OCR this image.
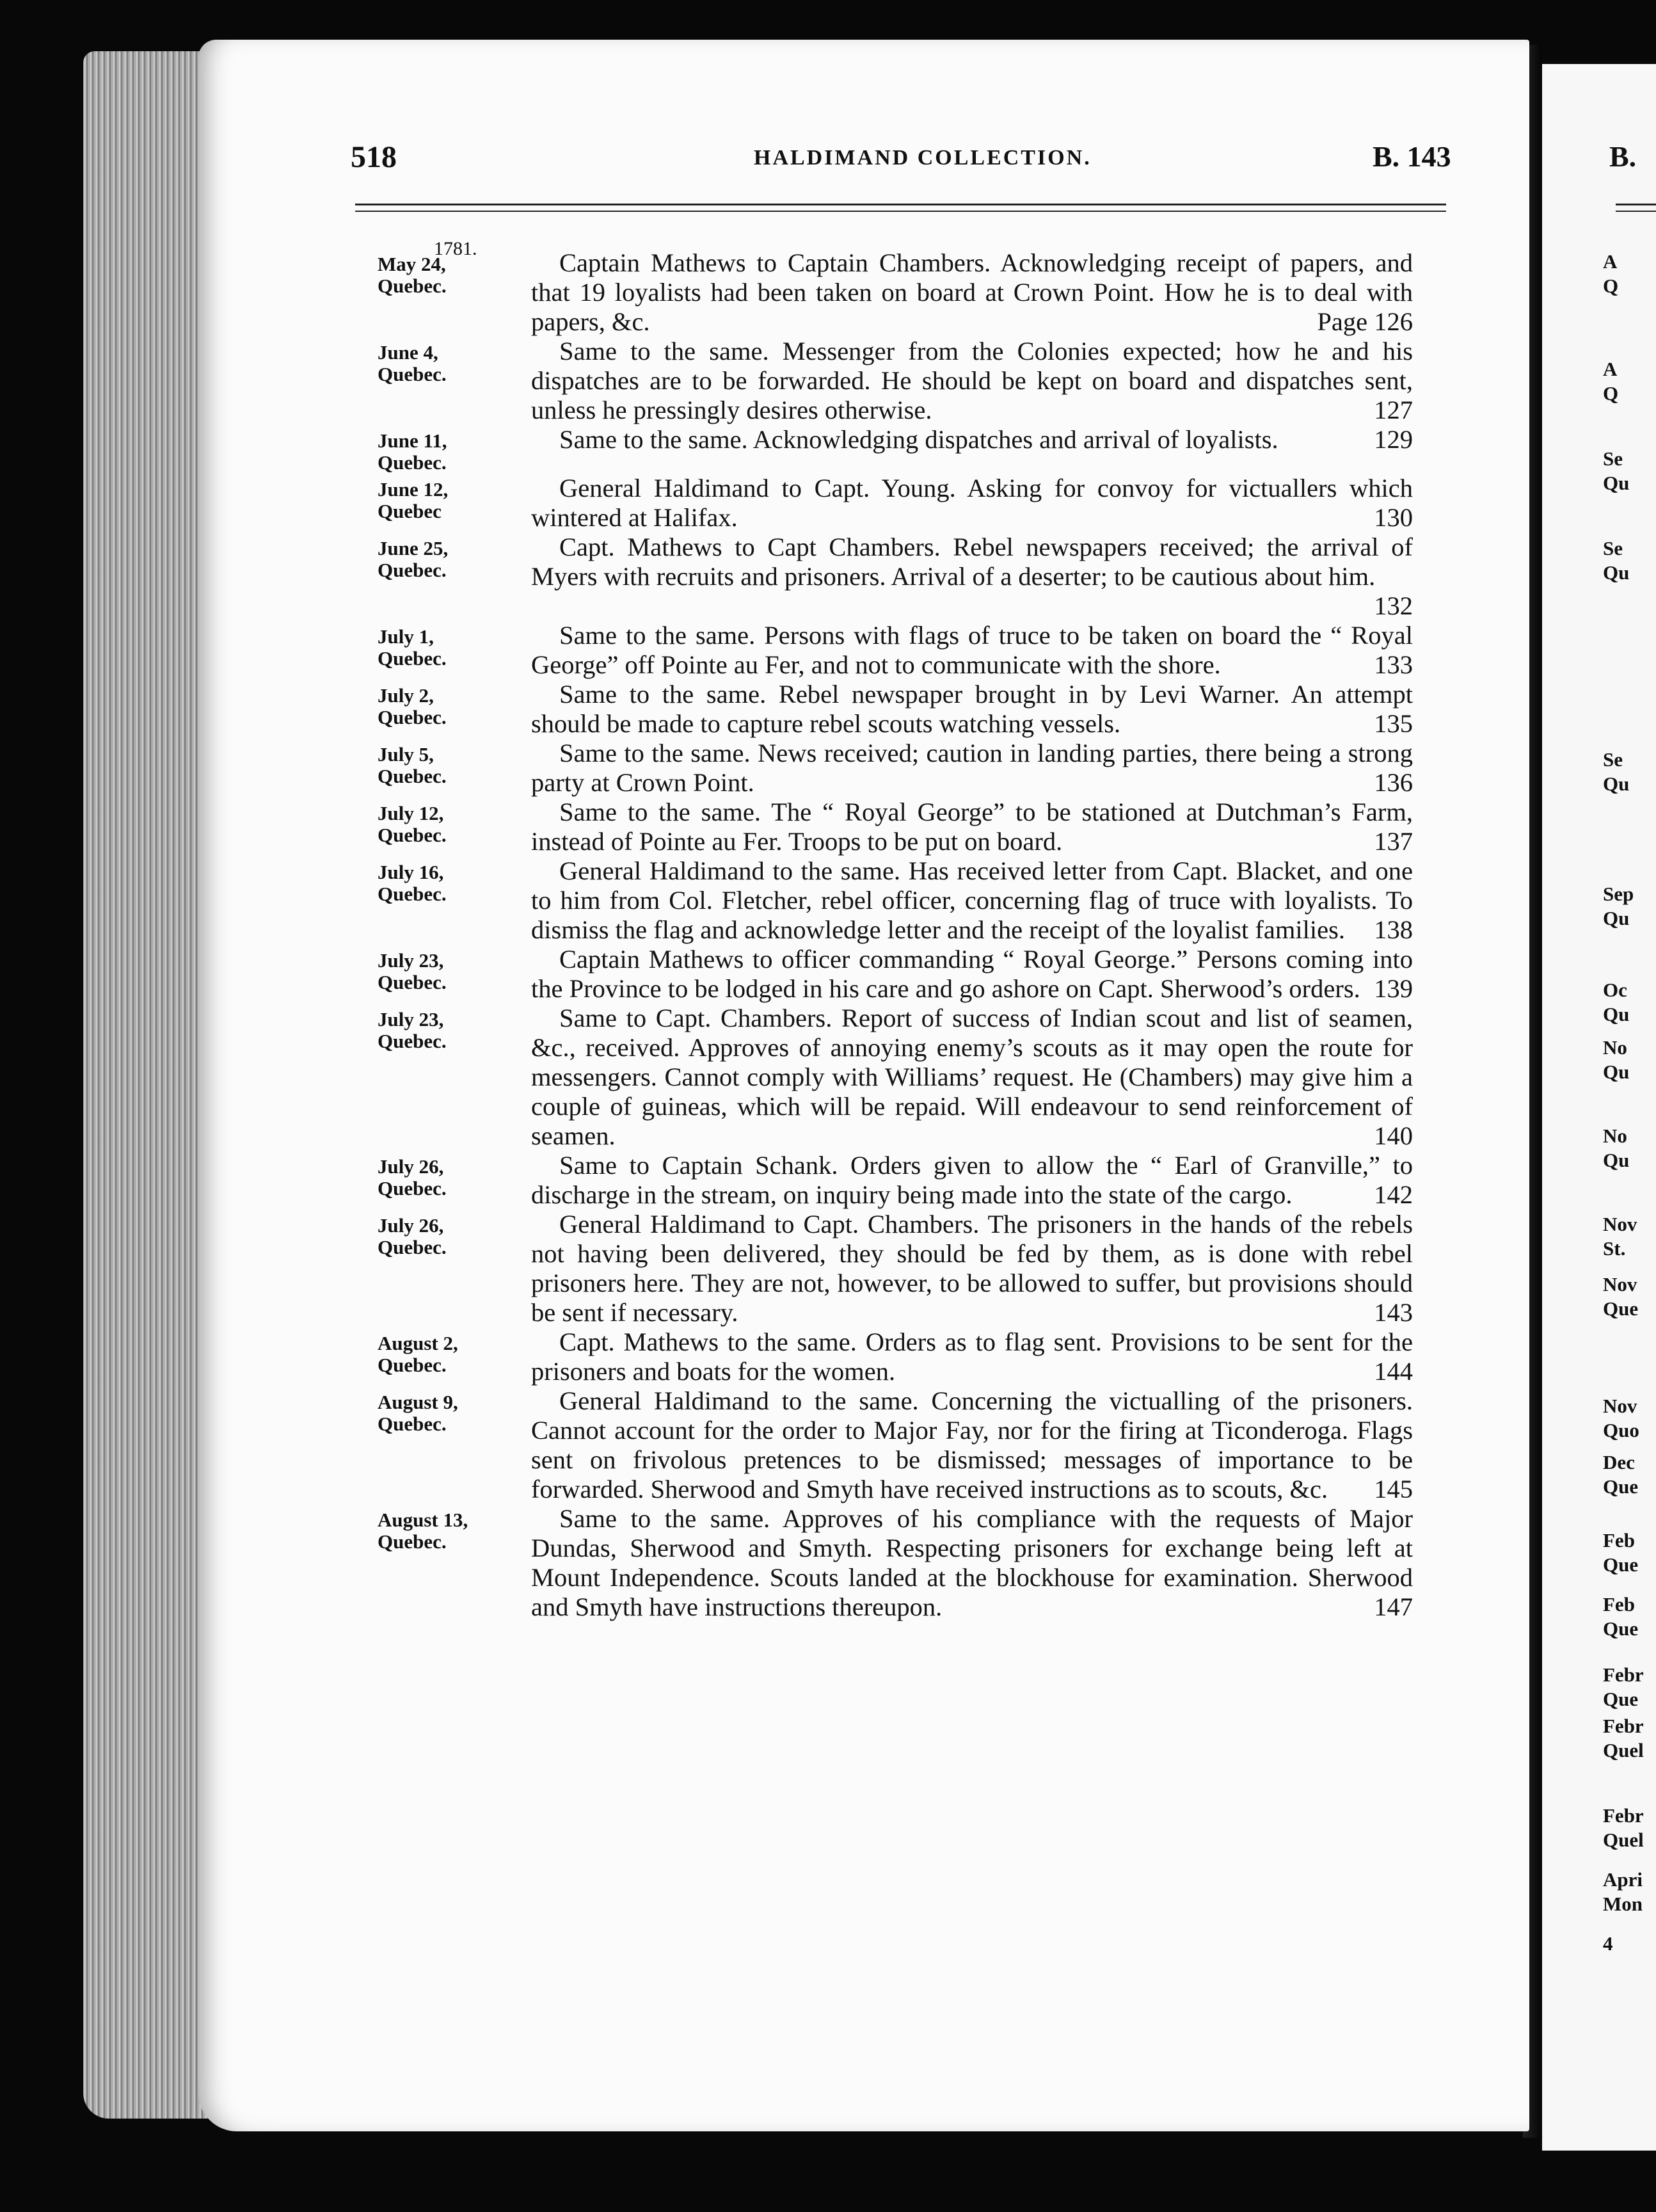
518	HALDIMAND COLLECTION.	B. 143
1781.
May 24,
Quebec.
Captain Mathews to Captain Chambers. Acknowledging receipt of papers, and that 19 loyalists had been taken on board at Crown Point. How he is to deal with papers, &c.	Page 126
June 4,
Quebec.
Same to the same. Messenger from the Colonies expected; how he and his dispatches are to be forwarded. He should be kept on board and dispatches sent, unless he pressingly desires otherwise.	127
June 11,
Quebec.
Same to the same. Acknowledging dispatches and arrival of loyalists.	129
June 12,
Quebec
General Haldimand to Capt. Young. Asking for convoy for victuallers which wintered at Halifax.	130
June 25,
Quebec.
Capt. Mathews to Capt Chambers. Rebel newspapers received; the arrival of Myers with recruits and prisoners. Arrival of a deserter; to be cautious about him.
132
July 1,
Quebec.
Same to the same. Persons with flags of truce to be taken on board the “ Royal George” off Pointe au Fer, and not to communicate with the shore.	133
July 2,
Quebec.
Same to the same. Rebel newspaper brought in by Levi Warner. An attempt should be made to capture rebel scouts watching vessels.	135
July 5,
Quebec.
Same to the same. News received; caution in landing parties, there being a strong party at Crown Point.	136
July 12,
Quebec.
Same to the same. The “ Royal George” to be stationed at Dutchman’s Farm, instead of Pointe au Fer. Troops to be put on board.	137
July 16,
Quebec.
General Haldimand to the same. Has received letter from Capt. Blacket, and one to him from Col. Fletcher, rebel officer, concerning flag of truce with loyalists. To dismiss the flag and acknowledge letter and the receipt of the loyalist families. 138
July 23,
Quebec.
Captain Mathews to officer commanding “ Royal George.” Persons coming into the Province to be lodged in his care and go ashore on Capt. Sherwood’s orders. 139
July 23,
Quebec.
Same to Capt. Chambers. Report of success of Indian scout and list of seamen, &c., received. Approves of annoying enemy’s scouts as it may open the route for messengers. Cannot comply with Williams’ request. He (Chambers) may give him a couple of guineas, which will be repaid. Will endeavour to send reinforcement of seamen.	140
July 26,
Quebec.
Same to Captain Schank. Orders given to allow the “ Earl of Granville,” to discharge in the stream, on inquiry being made into the state of the cargo.	142
July 26,
Quebec.
General Haldimand to Capt. Chambers. The prisoners in the hands of the rebels not having been delivered, they should be fed by them, as is done with rebel prisoners here. They are not, however, to be allowed to suffer, but provisions should be sent if necessary.	143
August 2,
Quebec.
Capt. Mathews to the same. Orders as to flag sent. Provisions to be sent for the prisoners and boats for the women.	144
August 9,
Quebec.
General Haldimand to the same. Concerning the victualling of the prisoners. Cannot account for the order to Major Fay, nor for the firing at Ticonderoga. Flags sent on frivolous pretences to be dismissed; messages of importance to be forwarded. Sherwood and Smyth have received instructions as to scouts, &c. 145
August 13,
Quebec.
Same to the same. Approves of his compliance with the requests of Major Dundas, Sherwood and Smyth. Respecting prisoners for exchange being left at Mount Independence. Scouts landed at the blockhouse for examination. Sherwood and Smyth have instructions thereupon.	147
B.
A
Q
A
Q
Se
Qu
Se
Qu
Se
Qu
Sep
Qu
Oc
Qu
No
Qu
No
Qu
Nov
St.
Nov
Que
Nov
Quo
Dec
Que
Feb
Que
Feb
Que
Febr
Que
Febr
Quel
Febr
Quel
Apri
Mon
4
